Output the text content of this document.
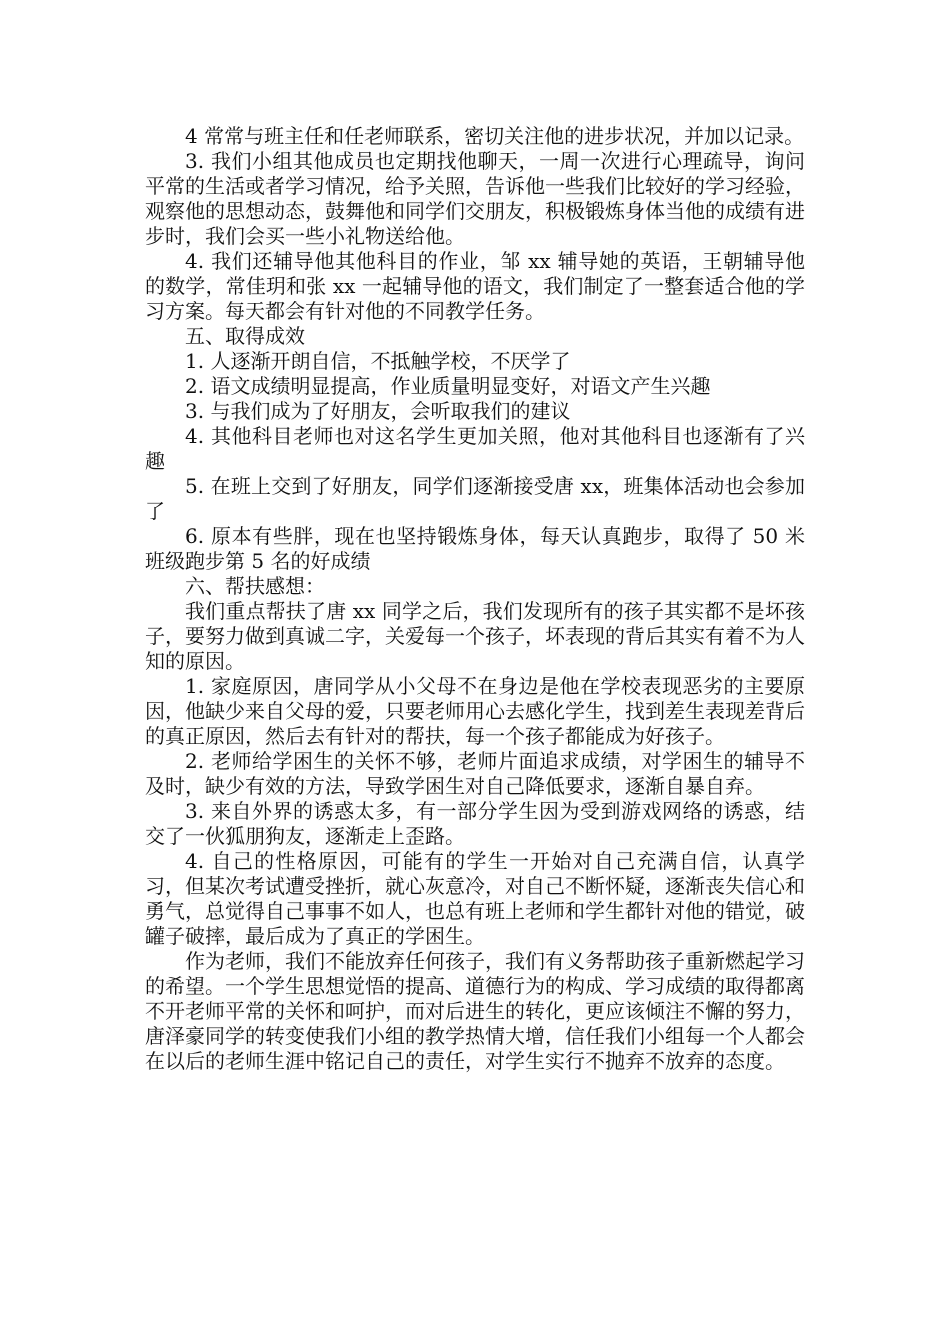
4 常常与班主任和任老师联系，密切关注他的进步状况，并加以记录。

3. 我们小组其他成员也定期找他聊天，一周一次进行心理疏导，询问平常的生活或者学习情况，给予关照，告诉他一些我们比较好的学习经验，观察他的思想动态，鼓舞他和同学们交朋友，积极锻炼身体当他的成绩有进步时，我们会买一些小礼物送给他。

4. 我们还辅导他其他科目的作业，邹 xx 辅导她的英语，王朝辅导他的数学，常佳玥和张 xx 一起辅导他的语文，我们制定了一整套适合他的学习方案。每天都会有针对他的不同教学任务。

五、取得成效

1. 人逐渐开朗自信，不抵触学校，不厌学了

2. 语文成绩明显提高，作业质量明显变好，对语文产生兴趣

3. 与我们成为了好朋友，会听取我们的建议

4. 其他科目老师也对这名学生更加关照，他对其他科目也逐渐有了兴趣

5. 在班上交到了好朋友，同学们逐渐接受唐 xx，班集体活动也会参加了

6. 原本有些胖，现在也坚持锻炼身体，每天认真跑步，取得了 50 米班级跑步第 5 名的好成绩

六、帮扶感想：

我们重点帮扶了唐 xx 同学之后，我们发现所有的孩子其实都不是坏孩子，要努力做到真诚二字，关爱每一个孩子，坏表现的背后其实有着不为人知的原因。

1. 家庭原因，唐同学从小父母不在身边是他在学校表现恶劣的主要原因，他缺少来自父母的爱，只要老师用心去感化学生，找到差生表现差背后的真正原因，然后去有针对的帮扶，每一个孩子都能成为好孩子。

2. 老师给学困生的关怀不够，老师片面追求成绩，对学困生的辅导不及时，缺少有效的方法，导致学困生对自己降低要求，逐渐自暴自弃。

3. 来自外界的诱惑太多，有一部分学生因为受到游戏网络的诱惑，结交了一伙狐朋狗友，逐渐走上歪路。

4. 自己的性格原因，可能有的学生一开始对自己充满自信，认真学习，但某次考试遭受挫折，就心灰意冷，对自己不断怀疑，逐渐丧失信心和勇气，总觉得自己事事不如人，也总有班上老师和学生都针对他的错觉，破罐子破摔，最后成为了真正的学困生。

作为老师，我们不能放弃任何孩子，我们有义务帮助孩子重新燃起学习的希望。一个学生思想觉悟的提高、道德行为的构成、学习成绩的取得都离不开老师平常的关怀和呵护，而对后进生的转化，更应该倾注不懈的努力，唐泽豪同学的转变使我们小组的教学热情大增，信任我们小组每一个人都会在以后的老师生涯中铭记自己的责任，对学生实行不抛弃不放弃的态度。
